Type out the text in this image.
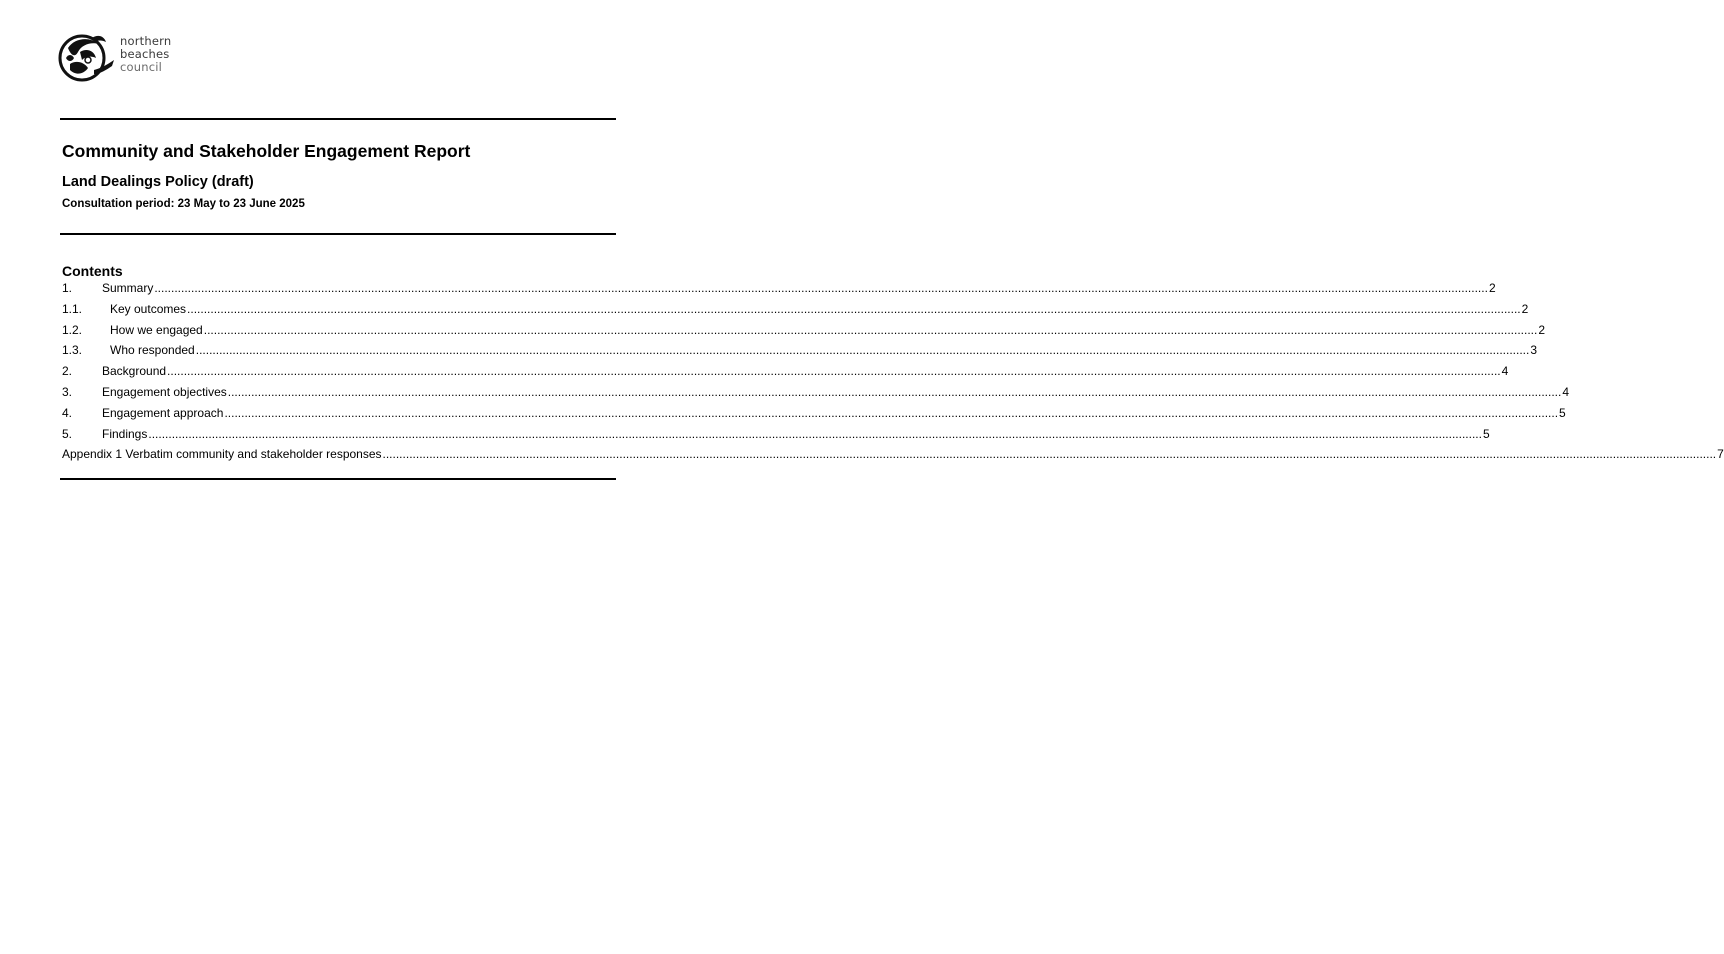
northern
beaches
council
Community and Stakeholder Engagement Report
Land Dealings Policy (draft)
Consultation period: 23 May to 23 June 2025
Contents
1.	Summary ................................................................................................................................................................................................................................................................................................................................................................................................................ 2
1.1.	Key outcomes ................................................................................................................................................................................................................................................................................................................................................................................................................ 2
1.2.	How we engaged ................................................................................................................................................................................................................................................................................................................................................................................................................ 2
1.3.	Who responded ................................................................................................................................................................................................................................................................................................................................................................................................................ 3
2.	Background ................................................................................................................................................................................................................................................................................................................................................................................................................ 4
3.	Engagement objectives ................................................................................................................................................................................................................................................................................................................................................................................................................ 4
4.	Engagement approach ................................................................................................................................................................................................................................................................................................................................................................................................................ 5
5.	Findings ................................................................................................................................................................................................................................................................................................................................................................................................................ 5
Appendix 1 Verbatim community and stakeholder responses ................................................................................................................................................................................................................................................................................................................................................................................................................ 7
